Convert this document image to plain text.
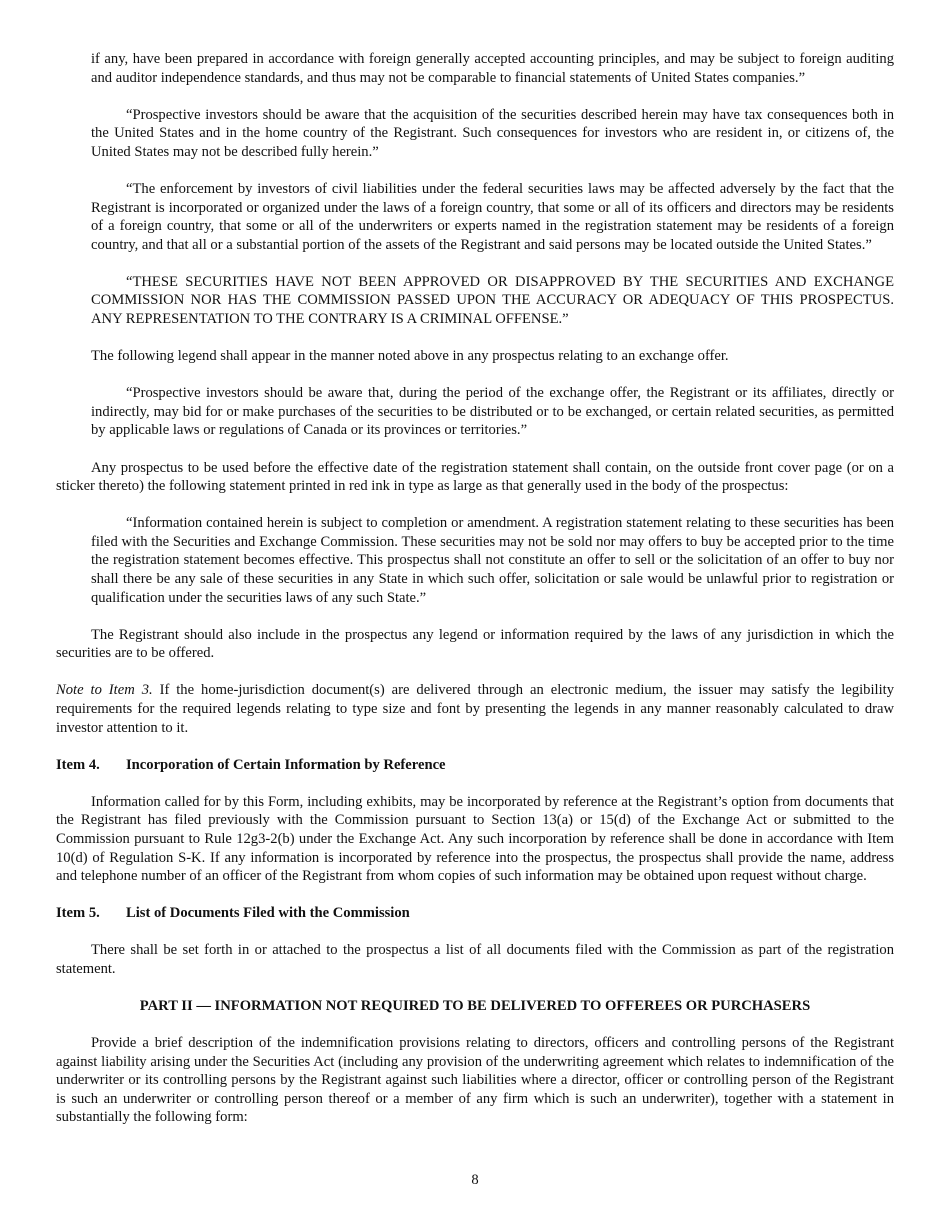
if any, have been prepared in accordance with foreign generally accepted accounting principles, and may be subject to foreign auditing and auditor independence standards, and thus may not be comparable to financial statements of United States companies.”

“Prospective investors should be aware that the acquisition of the securities described herein may have tax consequences both in the United States and in the home country of the Registrant. Such consequences for investors who are resident in, or citizens of, the United States may not be described fully herein.”

“The enforcement by investors of civil liabilities under the federal securities laws may be affected adversely by the fact that the Registrant is incorporated or organized under the laws of a foreign country, that some or all of its officers and directors may be residents of a foreign country, that some or all of the underwriters or experts named in the registration statement may be residents of a foreign country, and that all or a substantial portion of the assets of the Registrant and said persons may be located outside the United States.”

“THESE SECURITIES HAVE NOT BEEN APPROVED OR DISAPPROVED BY THE SECURITIES AND EXCHANGE COMMISSION NOR HAS THE COMMISSION PASSED UPON THE ACCURACY OR ADEQUACY OF THIS PROSPECTUS. ANY REPRESENTATION TO THE CONTRARY IS A CRIMINAL OFFENSE.”

The following legend shall appear in the manner noted above in any prospectus relating to an exchange offer.

“Prospective investors should be aware that, during the period of the exchange offer, the Registrant or its affiliates, directly or indirectly, may bid for or make purchases of the securities to be distributed or to be exchanged, or certain related securities, as permitted by applicable laws or regulations of Canada or its provinces or territories.”

Any prospectus to be used before the effective date of the registration statement shall contain, on the outside front cover page (or on a sticker thereto) the following statement printed in red ink in type as large as that generally used in the body of the prospectus:

“Information contained herein is subject to completion or amendment. A registration statement relating to these securities has been filed with the Securities and Exchange Commission. These securities may not be sold nor may offers to buy be accepted prior to the time the registration statement becomes effective. This prospectus shall not constitute an offer to sell or the solicitation of an offer to buy nor shall there be any sale of these securities in any State in which such offer, solicitation or sale would be unlawful prior to registration or qualification under the securities laws of any such State.”

The Registrant should also include in the prospectus any legend or information required by the laws of any jurisdiction in which the securities are to be offered.

Note to Item 3. If the home-jurisdiction document(s) are delivered through an electronic medium, the issuer may satisfy the legibility requirements for the required legends relating to type size and font by presenting the legends in any manner reasonably calculated to draw investor attention to it.

Item 4.	Incorporation of Certain Information by Reference

Information called for by this Form, including exhibits, may be incorporated by reference at the Registrant’s option from documents that the Registrant has filed previously with the Commission pursuant to Section 13(a) or 15(d) of the Exchange Act or submitted to the Commission pursuant to Rule 12g3-2(b) under the Exchange Act. Any such incorporation by reference shall be done in accordance with Item 10(d) of Regulation S-K. If any information is incorporated by reference into the prospectus, the prospectus shall provide the name, address and telephone number of an officer of the Registrant from whom copies of such information may be obtained upon request without charge.

Item 5.	List of Documents Filed with the Commission

There shall be set forth in or attached to the prospectus a list of all documents filed with the Commission as part of the registration statement.

PART II — INFORMATION NOT REQUIRED TO BE DELIVERED TO OFFEREES OR PURCHASERS

Provide a brief description of the indemnification provisions relating to directors, officers and controlling persons of the Registrant against liability arising under the Securities Act (including any provision of the underwriting agreement which relates to indemnification of the underwriter or its controlling persons by the Registrant against such liabilities where a director, officer or controlling person of the Registrant is such an underwriter or controlling person thereof or a member of any firm which is such an underwriter), together with a statement in substantially the following form:

8
